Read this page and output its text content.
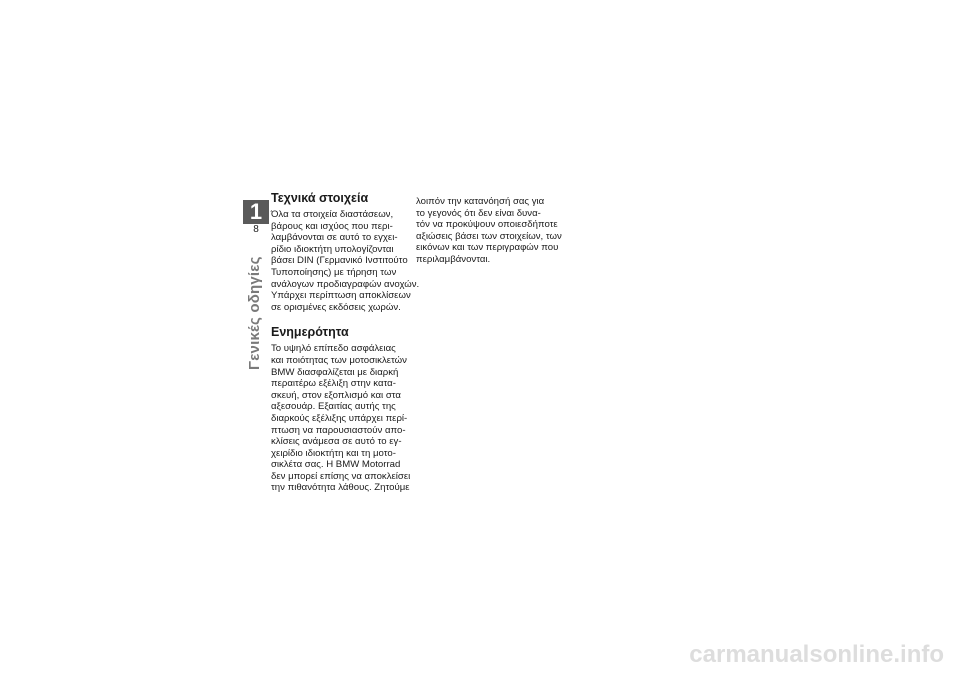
1
8
Γενικές οδηγίες
Τεχνικά στοιχεία
Όλα τα στοιχεία διαστάσεων,
βάρους και ισχύος που περι-
λαμβάνονται σε αυτό το εγχει-
ρίδιο ιδιοκτήτη υπολογίζονται
βάσει DIN (Γερμανικό Ινστιτούτο
Τυποποίησης) με τήρηση των
ανάλογων προδιαγραφών ανοχών.
Υπάρχει περίπτωση αποκλίσεων
σε ορισμένες εκδόσεις χωρών.
Ενημερότητα
Το υψηλό επίπεδο ασφάλειας
και ποιότητας των μοτοσικλετών
BMW διασφαλίζεται με διαρκή
περαιτέρω εξέλιξη στην κατα-
σκευή, στον εξοπλισμό και στα
αξεσουάρ. Εξαιτίας αυτής της
διαρκούς εξέλιξης υπάρχει περί-
πτωση να παρουσιαστούν απο-
κλίσεις ανάμεσα σε αυτό το εγ-
χειρίδιο ιδιοκτήτη και τη μοτο-
σικλέτα σας. Η BMW Motorrad
δεν μπορεί επίσης να αποκλείσει
την πιθανότητα λάθους. Ζητούμε
λοιπόν την κατανόησή σας για
το γεγονός ότι δεν είναι δυνα-
τόν να προκύψουν οποιεσδήποτε
αξιώσεις βάσει των στοιχείων, των
εικόνων και των περιγραφών που
περιλαμβάνονται.
carmanualsonline.info
